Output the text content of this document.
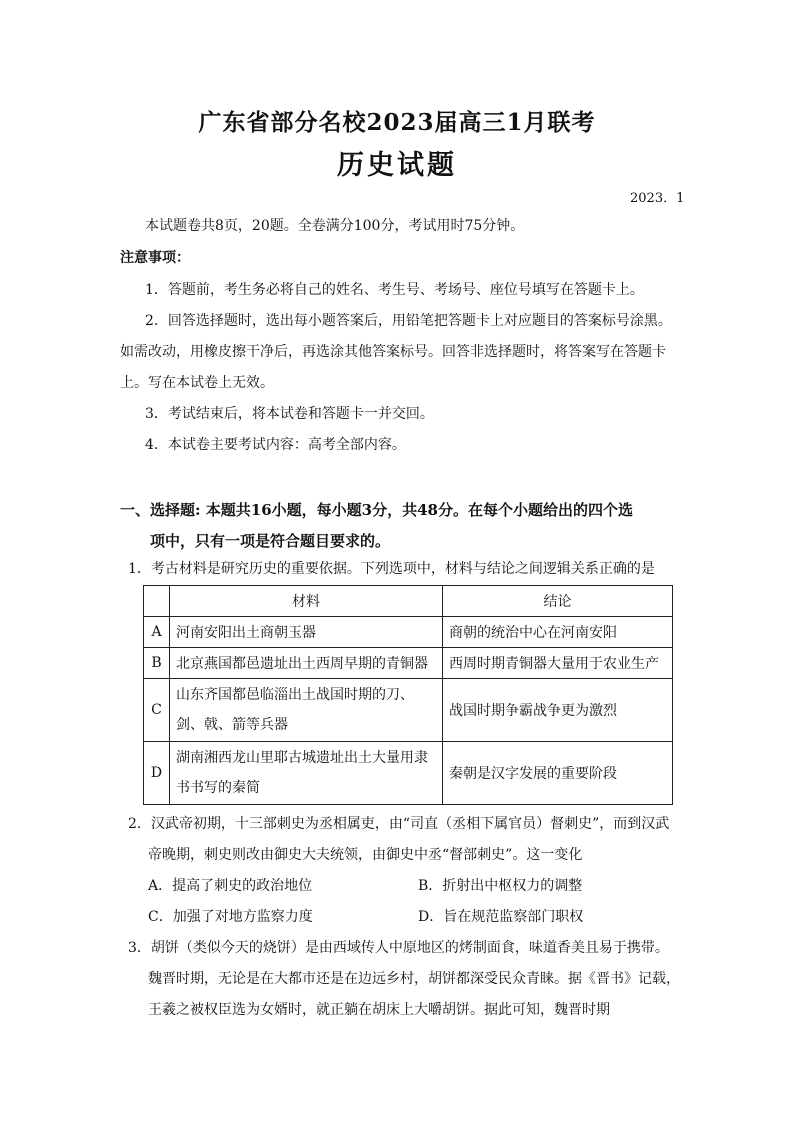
广东省部分名校2023届高三1月联考
历史试题
2023．1
本试题卷共8页，20题。全卷满分100分，考试用时75分钟。
注意事项：
1．答题前，考生务必将自己的姓名、考生号、考场号、座位号填写在答题卡上。
2．回答选择题时，选出每小题答案后，用铅笔把答题卡上对应题目的答案标号涂黑。
如需改动，用橡皮擦干净后，再选涂其他答案标号。回答非选择题时，将答案写在答题卡
上。写在本试卷上无效。
3．考试结束后，将本试卷和答题卡一并交回。
4．本试卷主要考试内容：高考全部内容。
一、选择题: 本题共16小题，每小题3分，共48分。在每个小题给出的四个选
项中，只有一项是符合题目要求的。
1．考古材料是研究历史的重要依据。下列选项中，材料与结论之间逻辑关系正确的是
	材料	结论
A	河南安阳出土商朝玉器	商朝的统治中心在河南安阳
B	北京燕国都邑遗址出土西周早期的青铜器	西周时期青铜器大量用于农业生产
C	山东齐国都邑临淄出土战国时期的刀、剑、戟、箭等兵器	战国时期争霸战争更为激烈
D	湖南湘西龙山里耶古城遗址出土大量用隶书书写的秦简	秦朝是汉字发展的重要阶段
2．汉武帝初期，十三部刺史为丞相属吏，由“司直（丞相下属官员）督刺史”，而到汉武
帝晚期，刺史则改由御史大夫统领，由御史中丞“督部刺史”。这一变化
A．提高了刺史的政治地位	B．折射出中枢权力的调整
C．加强了对地方监察力度	D．旨在规范监察部门职权
3．胡饼（类似今天的烧饼）是由西域传人中原地区的烤制面食，味道香美且易于携带。
魏晋时期，无论是在大都市还是在边远乡村，胡饼都深受民众青睐。据《晋书》记载，
王羲之被权臣选为女婿时，就正躺在胡床上大嚼胡饼。据此可知，魏晋时期
